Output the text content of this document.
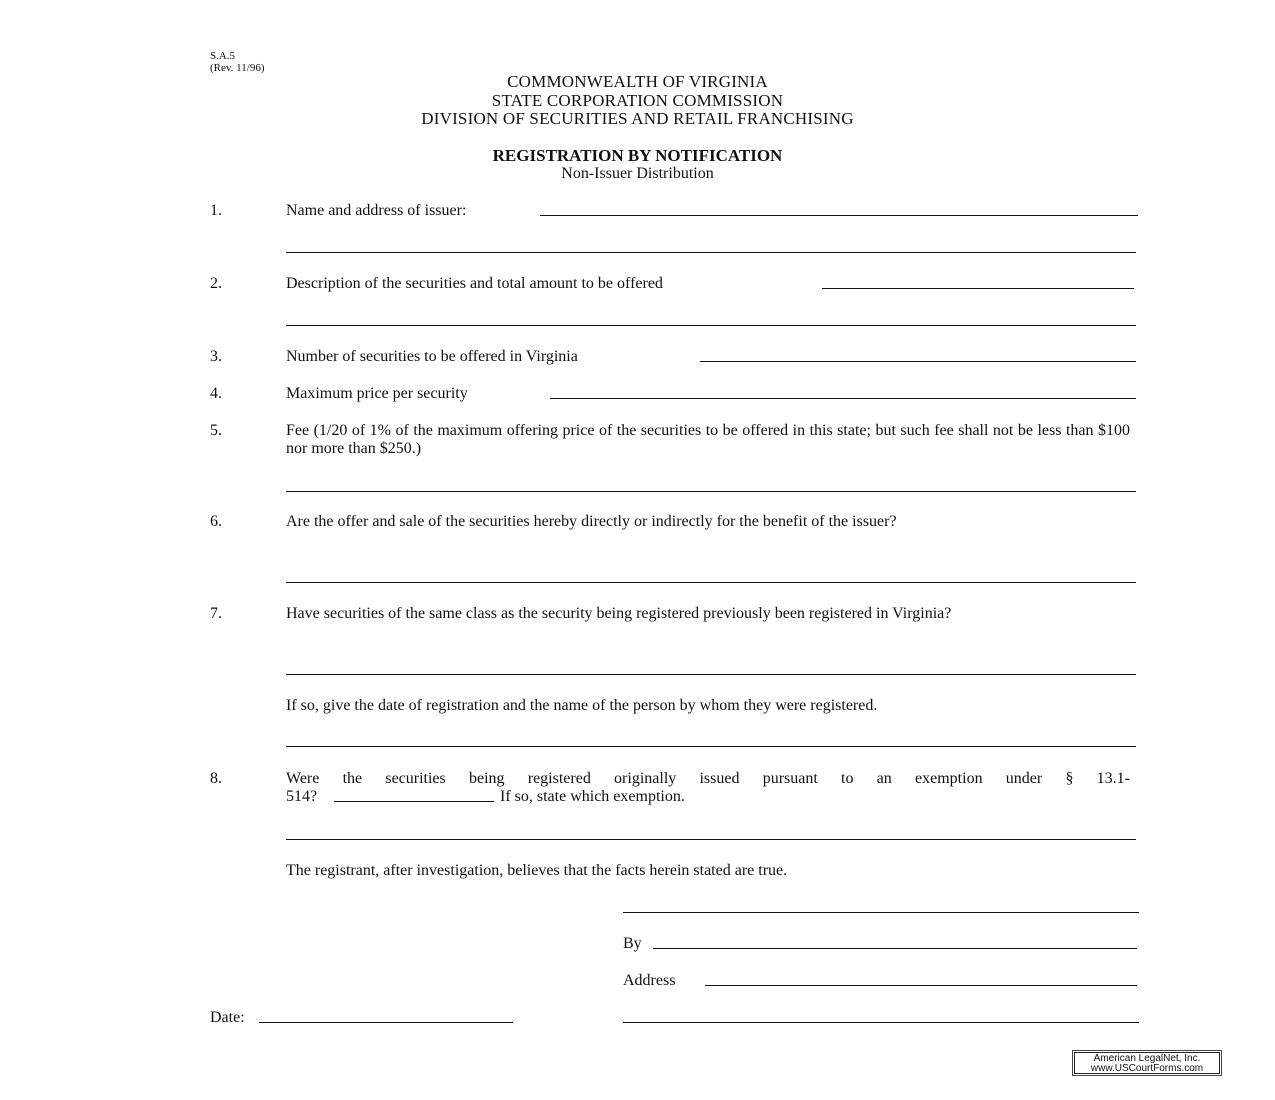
S.A.5
(Rev. 11/96)
COMMONWEALTH OF VIRGINIA
STATE CORPORATION COMMISSION
DIVISION OF SECURITIES AND RETAIL FRANCHISING
REGISTRATION BY NOTIFICATION
Non-Issuer Distribution
1.	Name and address of issuer:
2.	Description of the securities and total amount to be offered
3.	Number of securities to be offered in Virginia
4.	Maximum price per security
5.	Fee (1/20 of 1% of the maximum offering price of the securities to be offered in this state; but such fee shall not be less than $100 nor more than $250.)
6.	Are the offer and sale of the securities hereby directly or indirectly for the benefit of the issuer?
7.	Have securities of the same class as the security being registered previously been registered in Virginia?
If so, give the date of registration and the name of the person by whom they were registered.
8.	Were the securities being registered originally issued pursuant to an exemption under § 13.1-
514?	If so, state which exemption.
The registrant, after investigation, believes that the facts herein stated are true.
By
Address
Date:
American LegalNet, Inc.
www.USCourtForms.com
